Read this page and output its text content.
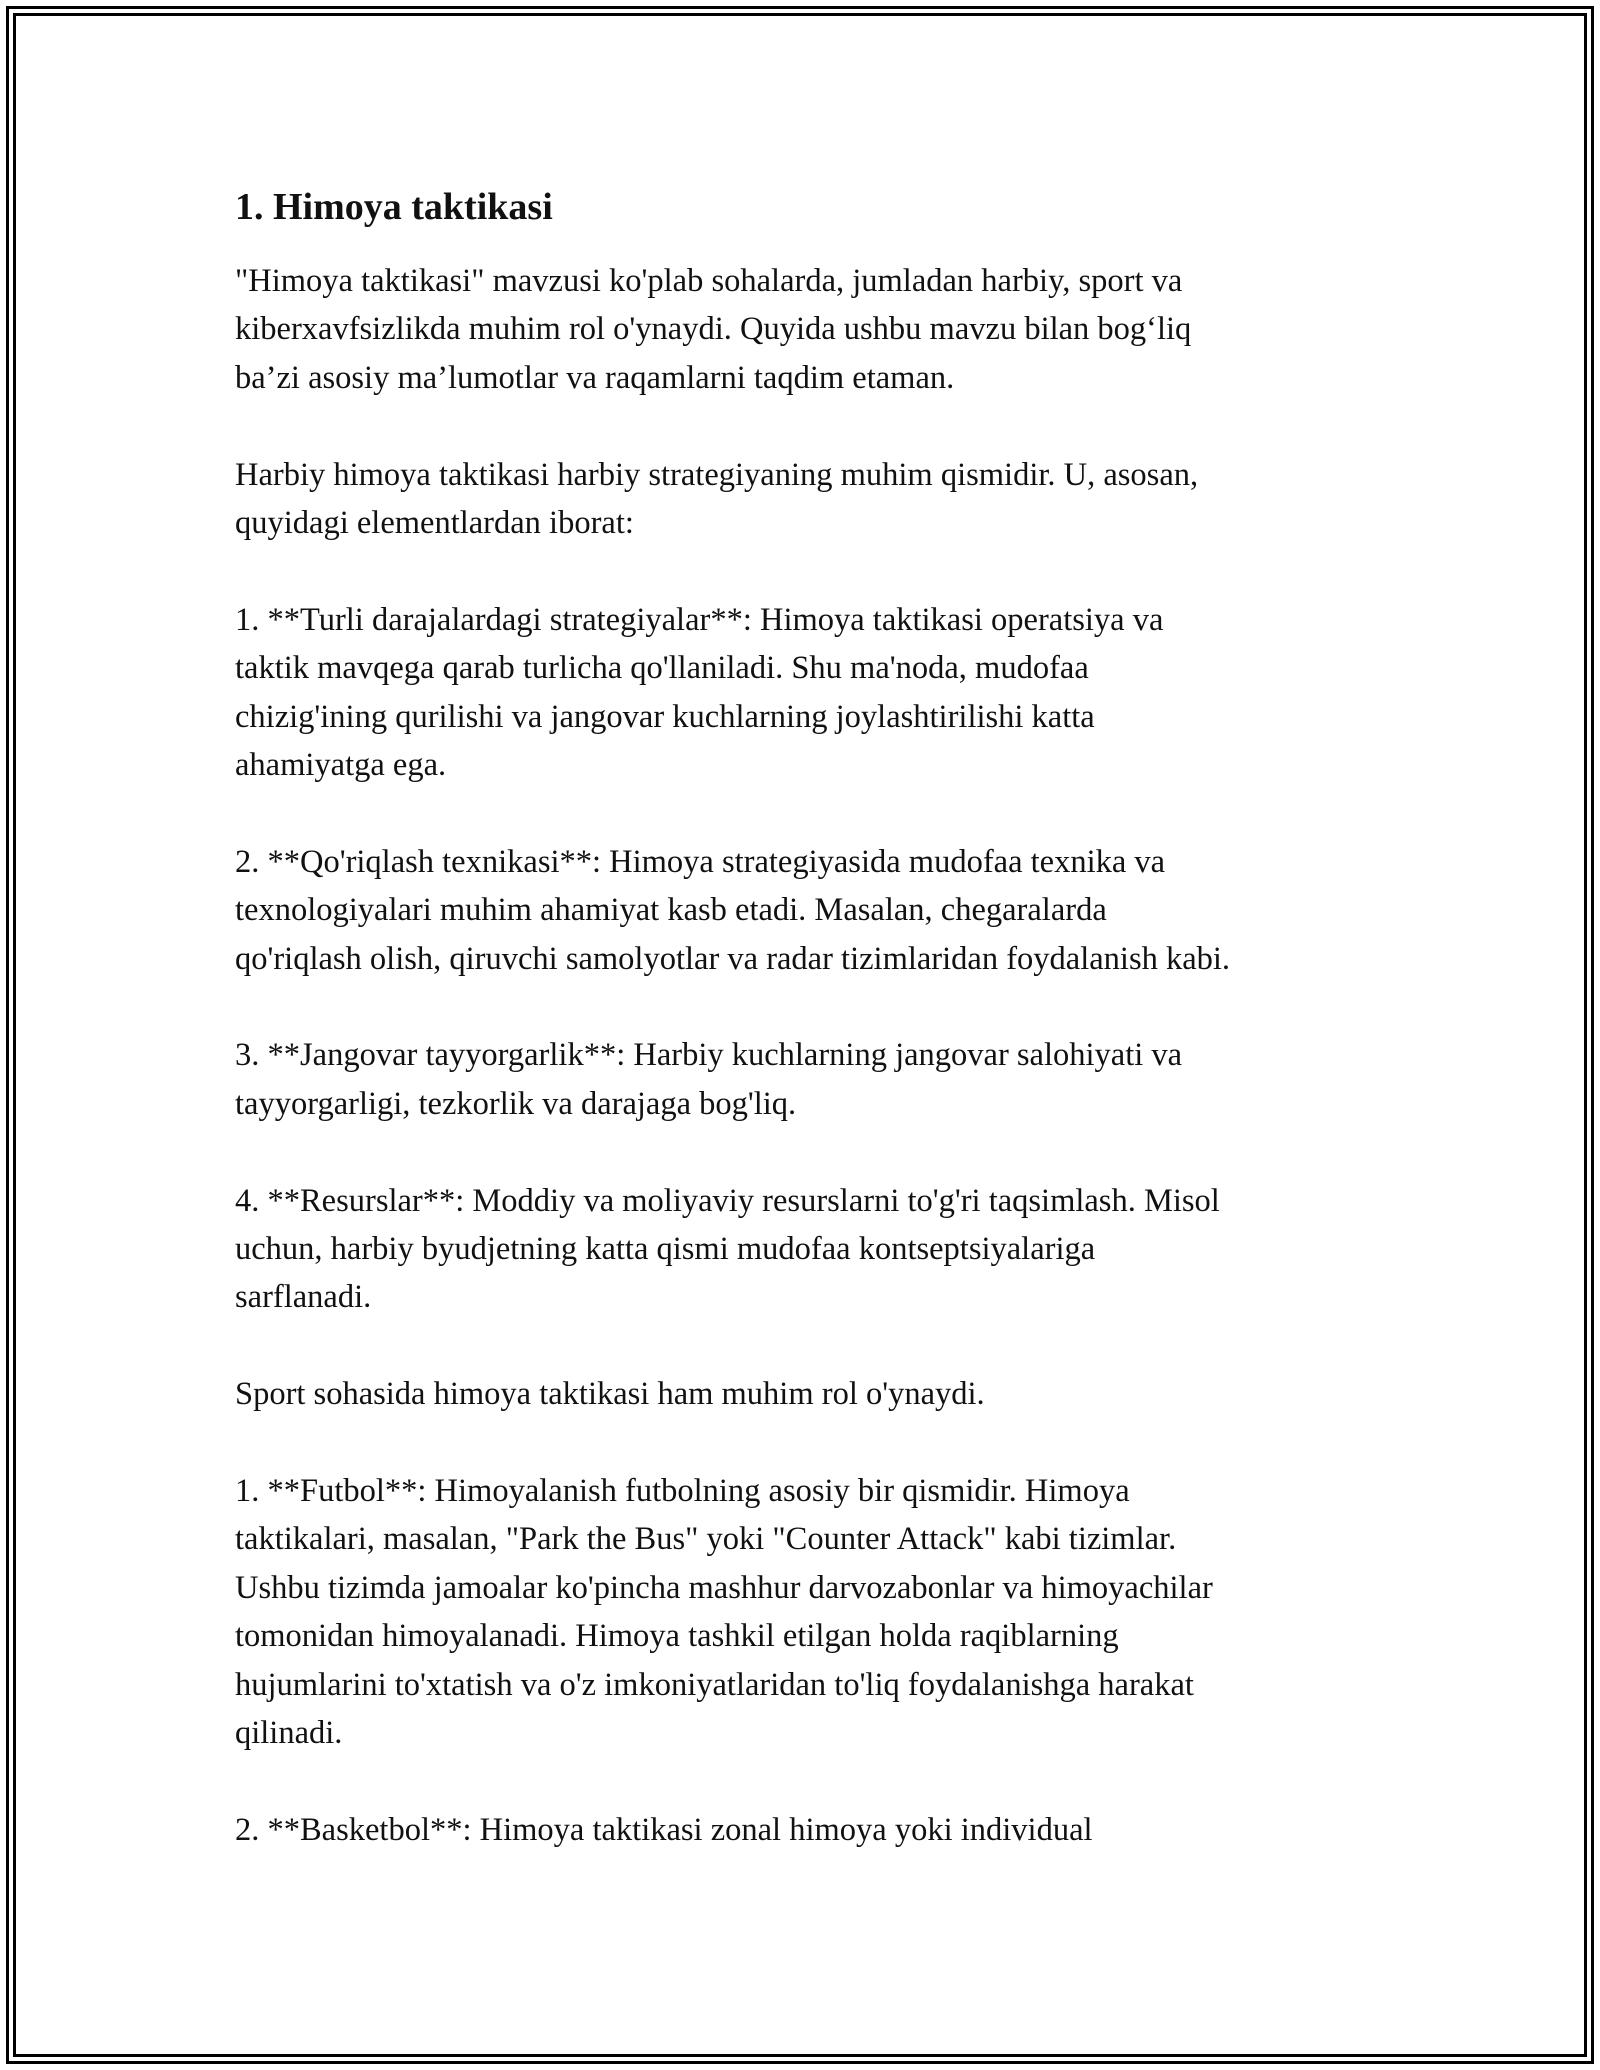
1. Himoya taktikasi

"Himoya taktikasi" mavzusi ko'plab sohalarda, jumladan harbiy, sport va
kiberxavfsizlikda muhim rol o'ynaydi. Quyida ushbu mavzu bilan bog‘liq
ba’zi asosiy ma’lumotlar va raqamlarni taqdim etaman.

Harbiy himoya taktikasi harbiy strategiyaning muhim qismidir. U, asosan,
quyidagi elementlardan iborat:

1. **Turli darajalardagi strategiyalar**: Himoya taktikasi operatsiya va
taktik mavqega qarab turlicha qo'llaniladi. Shu ma'noda, mudofaa
chizig'ining qurilishi va jangovar kuchlarning joylashtirilishi katta
ahamiyatga ega.

2. **Qo'riqlash texnikasi**: Himoya strategiyasida mudofaa texnika va
texnologiyalari muhim ahamiyat kasb etadi. Masalan, chegaralarda
qo'riqlash olish, qiruvchi samolyotlar va radar tizimlaridan foydalanish kabi.

3. **Jangovar tayyorgarlik**: Harbiy kuchlarning jangovar salohiyati va
tayyorgarligi, tezkorlik va darajaga bog'liq.

4. **Resurslar**: Moddiy va moliyaviy resurslarni to'g'ri taqsimlash. Misol
uchun, harbiy byudjetning katta qismi mudofaa kontseptsiyalariga
sarflanadi.

Sport sohasida himoya taktikasi ham muhim rol o'ynaydi.

1. **Futbol**: Himoyalanish futbolning asosiy bir qismidir. Himoya
taktikalari, masalan, "Park the Bus" yoki "Counter Attack" kabi tizimlar.
Ushbu tizimda jamoalar ko'pincha mashhur darvozabonlar va himoyachilar
tomonidan himoyalanadi. Himoya tashkil etilgan holda raqiblarning
hujumlarini to'xtatish va o'z imkoniyatlaridan to'liq foydalanishga harakat
qilinadi.

2. **Basketbol**: Himoya taktikasi zonal himoya yoki individual
